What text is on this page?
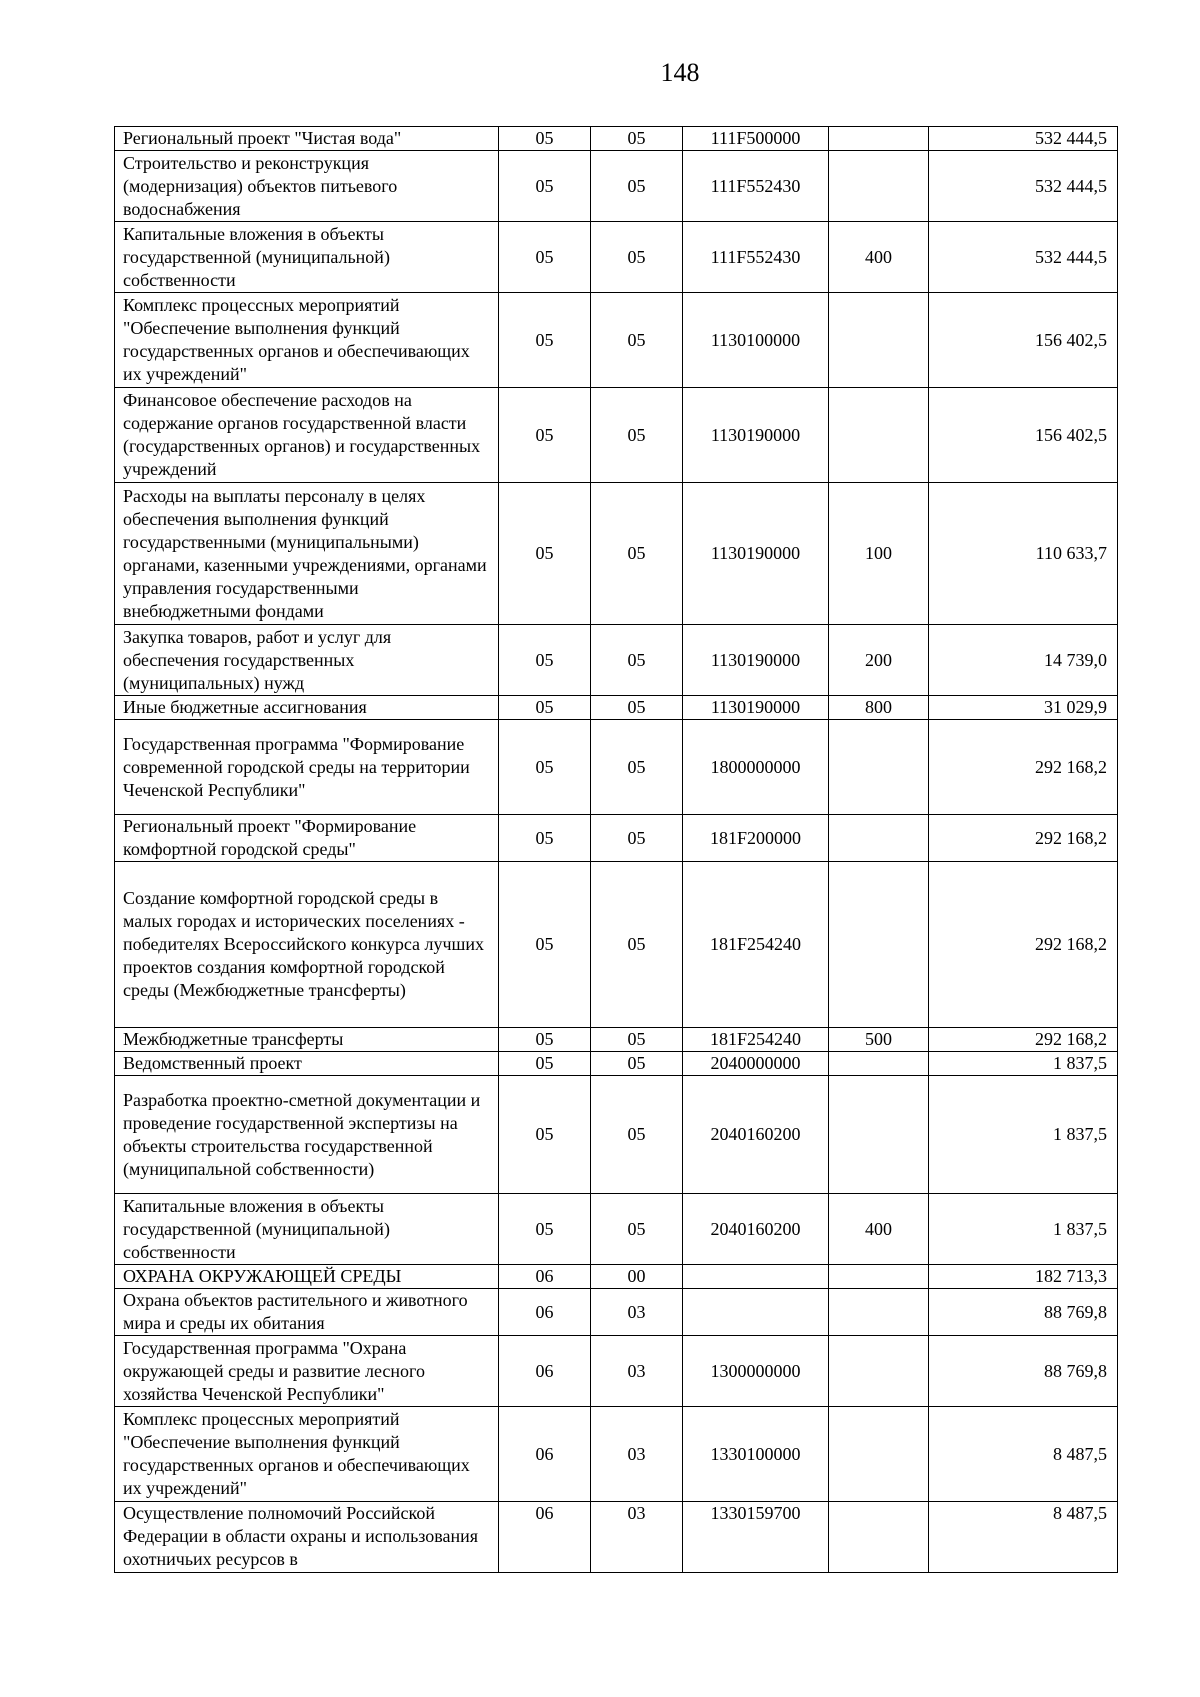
148
Региональный проект "Чистая вода"	05	05	111F500000		532 444,5
Строительство и реконструкция (модернизация) объектов питьевого водоснабжения	05	05	111F552430		532 444,5
Капитальные вложения в объекты государственной (муниципальной) собственности	05	05	111F552430	400	532 444,5
Комплекс процессных мероприятий "Обеспечение выполнения функций государственных органов и обеспечивающих их учреждений"	05	05	1130100000		156 402,5
Финансовое обеспечение расходов на содержание органов государственной власти (государственных органов) и государственных учреждений	05	05	1130190000		156 402,5
Расходы на выплаты персоналу в целях обеспечения выполнения функций государственными (муниципальными) органами, казенными учреждениями, органами управления государственными внебюджетными фондами	05	05	1130190000	100	110 633,7
Закупка товаров, работ и услуг для обеспечения государственных (муниципальных) нужд	05	05	1130190000	200	14 739,0
Иные бюджетные ассигнования	05	05	1130190000	800	31 029,9
Государственная программа "Формирование современной городской среды на территории Чеченской Республики"	05	05	1800000000		292 168,2
Региональный проект "Формирование комфортной городской среды"	05	05	181F200000		292 168,2
Создание комфортной городской среды в малых городах и исторических поселениях - победителях Всероссийского конкурса лучших проектов создания комфортной городской среды (Межбюджетные трансферты)	05	05	181F254240		292 168,2
Межбюджетные трансферты	05	05	181F254240	500	292 168,2
Ведомственный проект	05	05	2040000000		1 837,5
Разработка проектно-сметной документации и проведение государственной экспертизы на объекты строительства государственной (муниципальной собственности)	05	05	2040160200		1 837,5
Капитальные вложения в объекты государственной (муниципальной) собственности	05	05	2040160200	400	1 837,5
ОХРАНА ОКРУЖАЮЩЕЙ СРЕДЫ	06	00			182 713,3
Охрана объектов растительного и животного мира и среды их обитания	06	03			88 769,8
Государственная программа "Охрана окружающей среды и развитие лесного хозяйства Чеченской Республики"	06	03	1300000000		88 769,8
Комплекс процессных мероприятий "Обеспечение выполнения функций государственных органов и обеспечивающих их учреждений"	06	03	1330100000		8 487,5
Осуществление полномочий Российской Федерации в области охраны и использования охотничьих ресурсов в	06	03	1330159700		8 487,5
